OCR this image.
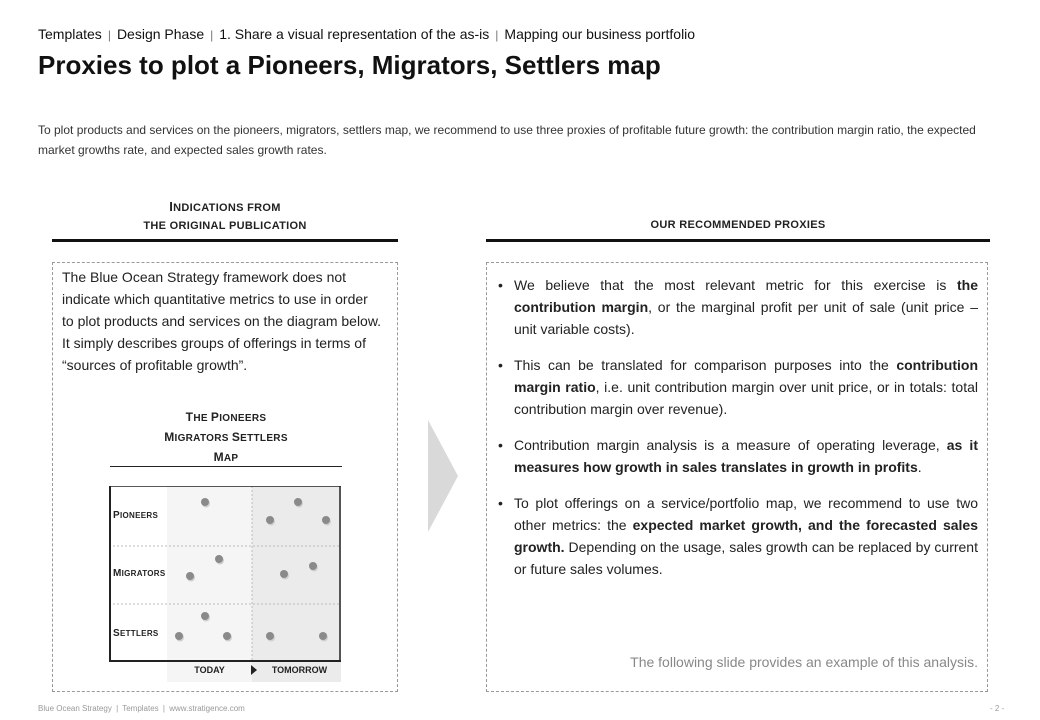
Templates | Design Phase | 1. Share a visual representation of the as-is | Mapping our business portfolio
Proxies to plot a Pioneers, Migrators, Settlers map
To plot products and services on the pioneers, migrators, settlers map, we recommend to use three proxies of profitable future growth: the contribution margin ratio, the expected market growths rate, and expected sales growth rates.
INDICATIONS FROM
THE ORIGINAL PUBLICATION	OUR RECOMMENDED PROXIES
The Blue Ocean Strategy framework does not indicate which quantitative metrics to use in order to plot products and services on the diagram below. It simply describes groups of offerings in terms of “sources of profitable growth”.
THE PIONEERS
MIGRATORS SETTLERS
MAP
PIONEERS
MIGRATORS
SETTLERS
TODAY	TOMORROW
• We believe that the most relevant metric for this exercise is the contribution margin, or the marginal profit per unit of sale (unit price – unit variable costs).
• This can be translated for comparison purposes into the contribution margin ratio, i.e. unit contribution margin over unit price, or in totals: total contribution margin over revenue).
• Contribution margin analysis is a measure of operating leverage, as it measures how growth in sales translates in growth in profits.
• To plot offerings on a service/portfolio map, we recommend to use two other metrics: the expected market growth, and the forecasted sales growth. Depending on the usage, sales growth can be replaced by current or future sales volumes.
The following slide provides an example of this analysis.
Blue Ocean Strategy | Templates | www.stratigence.com	- 2 -
